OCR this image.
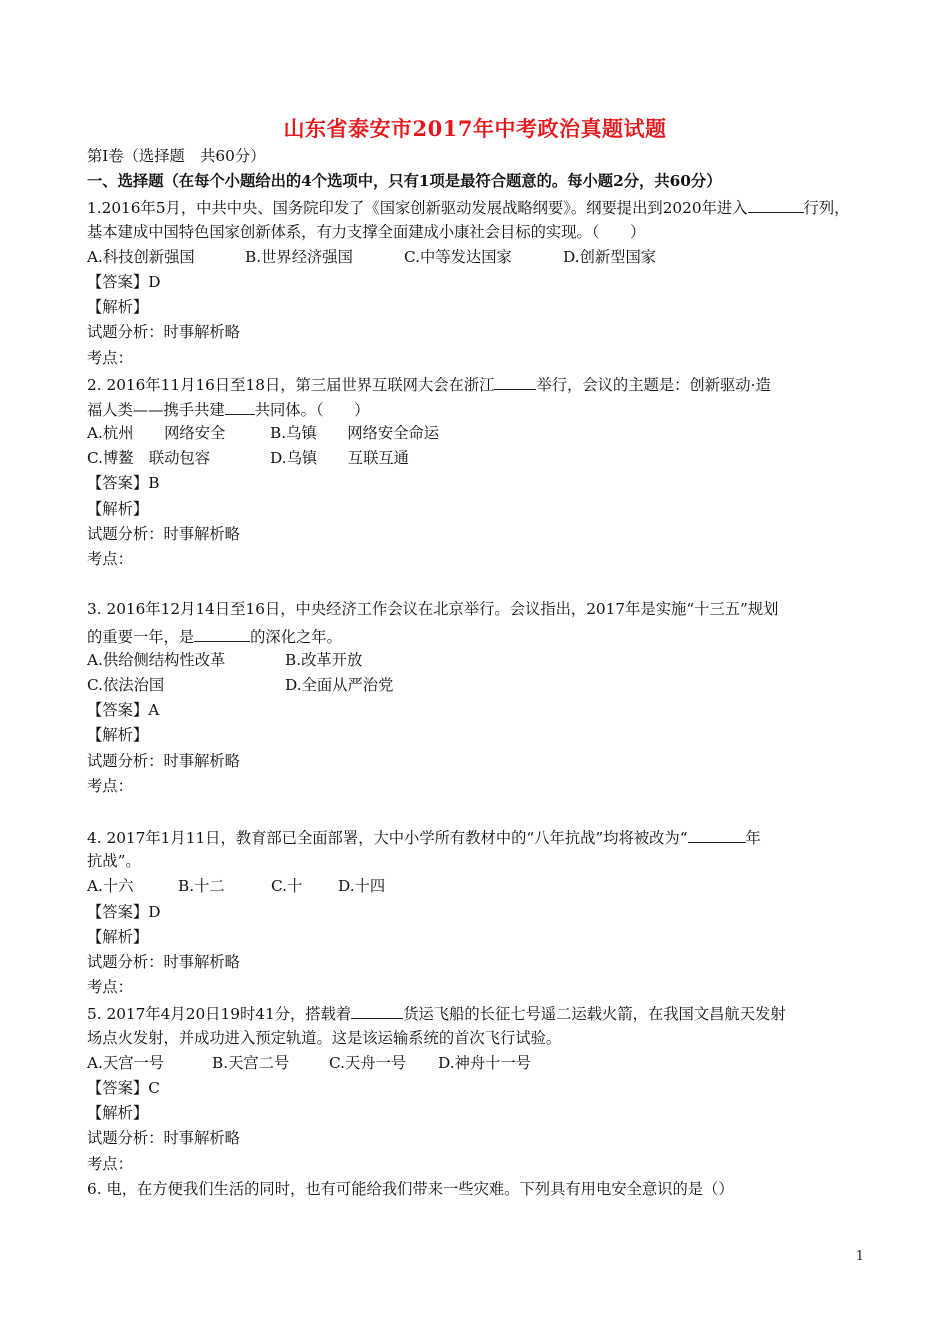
山东省泰安市2017年中考政治真题试题
第Ⅰ卷（选择题　共60分）
一、选择题（在每个小题给出的4个选项中，只有1项是最符合题意的。每小题2分，共60分）
1.2016年5月，中共中央、国务院印发了《国家创新驱动发展战略纲要》。纲要提出到2020年进入	行列，
基本建成中国特色国家创新体系，有力支撑全面建成小康社会目标的实现。（　　）
A.科技创新强国	B.世界经济强国	C.中等发达国家	D.创新型国家
【答案】D
【解析】
试题分析：时事解析略
考点：
2. 2016年11月16日至18日，第三届世界互联网大会在浙江	举行，会议的主题是：创新驱动·造
福人类——携手共建 共同体。（　　）
A.杭州　　网络安全	B.乌镇　　网络安全命运
C.博鳌　联动包容	D.乌镇　　互联互通
【答案】B
【解析】
试题分析：时事解析略
考点：
3. 2016年12月14日至16日，中央经济工作会议在北京举行。会议指出，2017年是实施“十三五”规划
的重要一年，是	的深化之年。
A.供给侧结构性改革	B.改革开放
C.依法治国	D.全面从严治党
【答案】A
【解析】
试题分析：时事解析略
考点：
4. 2017年1月11日，教育部已全面部署，大中小学所有教材中的“八年抗战”均将被改为“	年
抗战”。
A.十六	B.十二	C.十 D.十四
【答案】D
【解析】
试题分析：时事解析略
考点：
5. 2017年4月20日19时41分，搭载着	货运飞船的长征七号遥二运载火箭，在我国文昌航天发射
场点火发射，并成功进入预定轨道。这是该运输系统的首次飞行试验。
A.天宫一号	B.天宫二号	C.天舟一号 D.神舟十一号
【答案】C
【解析】
试题分析：时事解析略
考点：
6. 电，在方便我们生活的同时，也有可能给我们带来一些灾难。下列具有用电安全意识的是（）
1
